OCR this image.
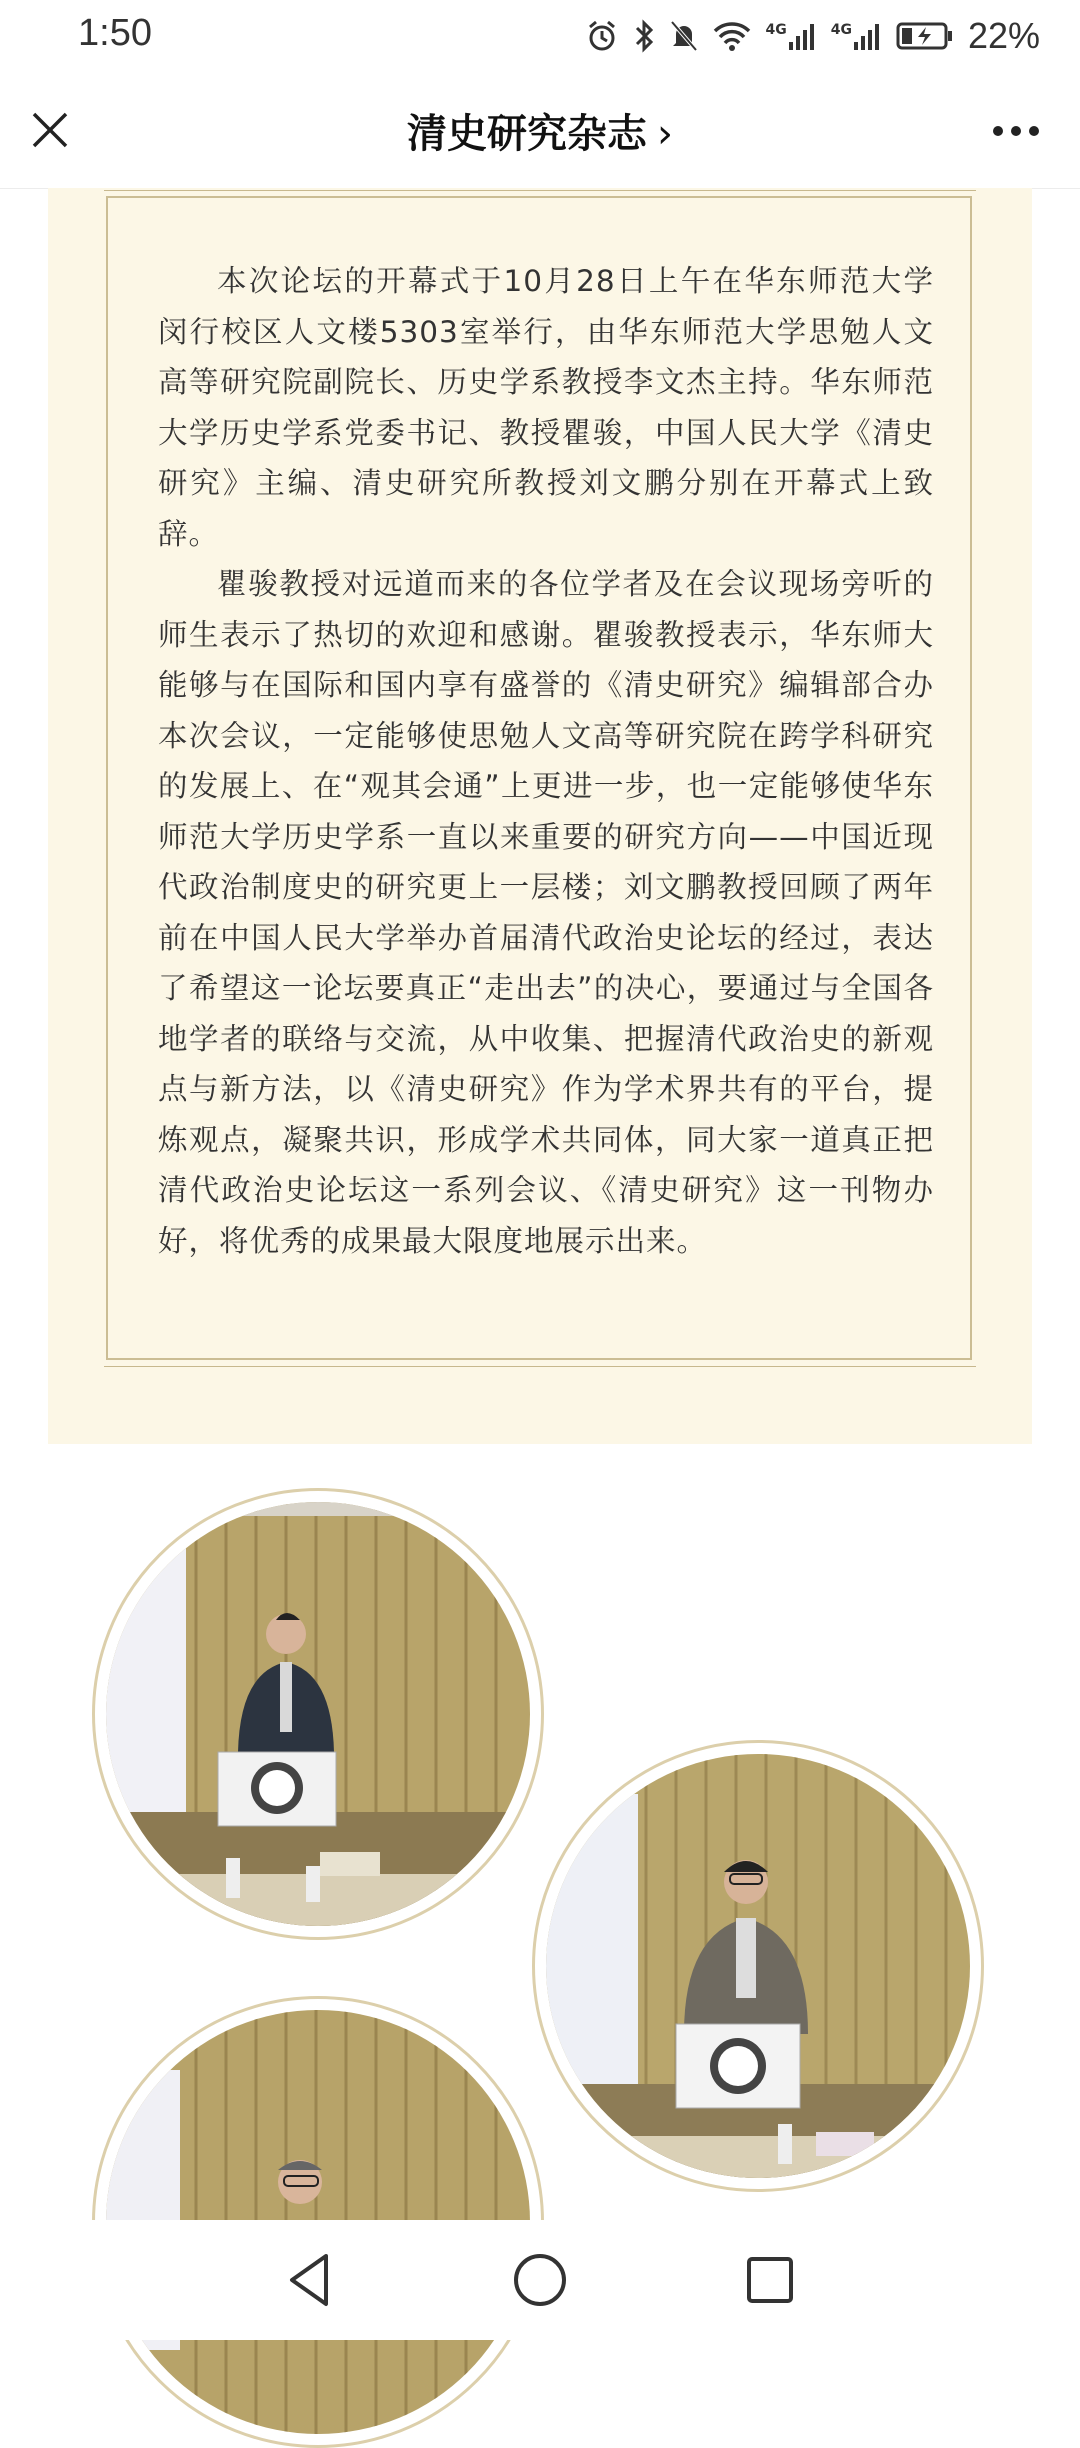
1:50	4G	4G	22%
清史研究杂志 ›

本次论坛的开幕式于10月28日上午在华东师范大学闵行校区人文楼5303室举行，由华东师范大学思勉人文高等研究院副院长、历史学系教授李文杰主持。华东师范大学历史学系党委书记、教授瞿骏，中国人民大学《清史研究》主编、清史研究所教授刘文鹏分别在开幕式上致辞。

瞿骏教授对远道而来的各位学者及在会议现场旁听的师生表示了热切的欢迎和感谢。瞿骏教授表示，华东师大能够与在国际和国内享有盛誉的《清史研究》编辑部合办本次会议，一定能够使思勉人文高等研究院在跨学科研究的发展上、在“观其会通”上更进一步，也一定能够使华东师范大学历史学系一直以来重要的研究方向——中国近现代政治制度史的研究更上一层楼；刘文鹏教授回顾了两年前在中国人民大学举办首届清代政治史论坛的经过，表达了希望这一论坛要真正“走出去”的决心，要通过与全国各地学者的联络与交流，从中收集、把握清代政治史的新观点与新方法，以《清史研究》作为学术界共有的平台，提炼观点，凝聚共识，形成学术共同体，同大家一道真正把清代政治史论坛这一系列会议、《清史研究》这一刊物办好，将优秀的成果最大限度地展示出来。
